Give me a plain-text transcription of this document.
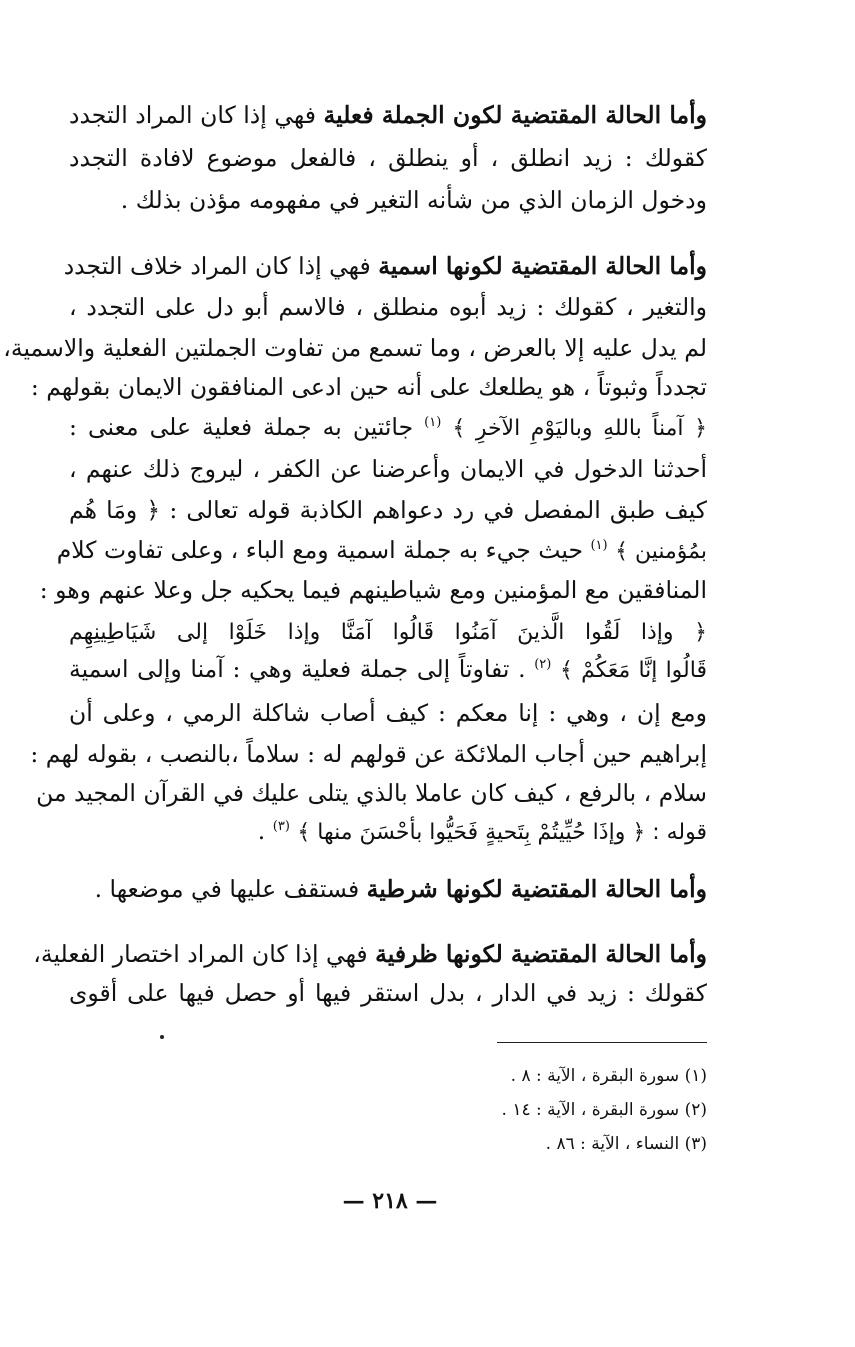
وأما الحالة المقتضية لكون الجملة فعلية فهي إذا كان المراد التجدد
كقولك : زيد انطلق ، أو ينطلق ، فالفعل موضوع لافادة التجدد
ودخول الزمان الذي من شأنه التغير في مفهومه مؤذن بذلك .
وأما الحالة المقتضية لكونها اسمية فهي إذا كان المراد خلاف التجدد
والتغير ، كقولك : زيد أبوه منطلق ، فالاسم أبو دل على التجدد ،
لم يدل عليه إلا بالعرض ، وما تسمع من تفاوت الجملتين الفعلية والاسمية،
تجدداً وثبوتاً ، هو يطلعك على أنه حين ادعى المنافقون الايمان بقولهم :
﴿ آمناً باللهِ وباليَوْمِ الآخرِ ﴾ $^{(١)}$ جائتين به جملة فعلية على معنى :
أحدثنا الدخول في الايمان وأعرضنا عن الكفر ، ليروج ذلك عنهم ،
كيف طبق المفصل في رد دعواهم الكاذبة قوله تعالى : ﴿ ومَا هُم
بمُؤمنين ﴾ $^{(١)}$ حيث جيء به جملة اسمية ومع الباء ، وعلى تفاوت كلام
المنافقين مع المؤمنين ومع شياطينهم فيما يحكيه جل وعلا عنهم وهو :
﴿ وإذا لَقُوا الَّذينَ آمَنُوا قَالُوا آمَنَّا وإذا خَلَوْا إلى شَيَاطِينِهِم
قَالُوا إنَّا مَعَكُمْ ﴾ $^{(٢)}$ . تفاوتاً إلى جملة فعلية وهي : آمنا وإلى اسمية
ومع إن ، وهي : إنا معكم : كيف أصاب شاكلة الرمي ، وعلى أن
إبراهيم حين أجاب الملائكة عن قولهم له : سلاماً ،بالنصب ، بقوله لهم :
سلام ، بالرفع ، كيف كان عاملا بالذي يتلى عليك في القرآن المجيد من
قوله : ﴿ وإذَا حُيِّيتُمْ بِتَحيةٍ فَحَيُّوا بأحْسَنَ منها ﴾ $^{(٣)}$ .
وأما الحالة المقتضية لكونها شرطية فستقف عليها في موضعها .
وأما الحالة المقتضية لكونها ظرفية فهي إذا كان المراد اختصار الفعلية،
كقولك : زيد في الدار ، بدل استقر فيها أو حصل فيها على أقوى
(١) سورة البقرة ، الآية : ٨ .
(٢) سورة البقرة ، الآية : ١٤ .
(٣) النساء ، الآية : ٨٦ .
— ٢١٨ —
